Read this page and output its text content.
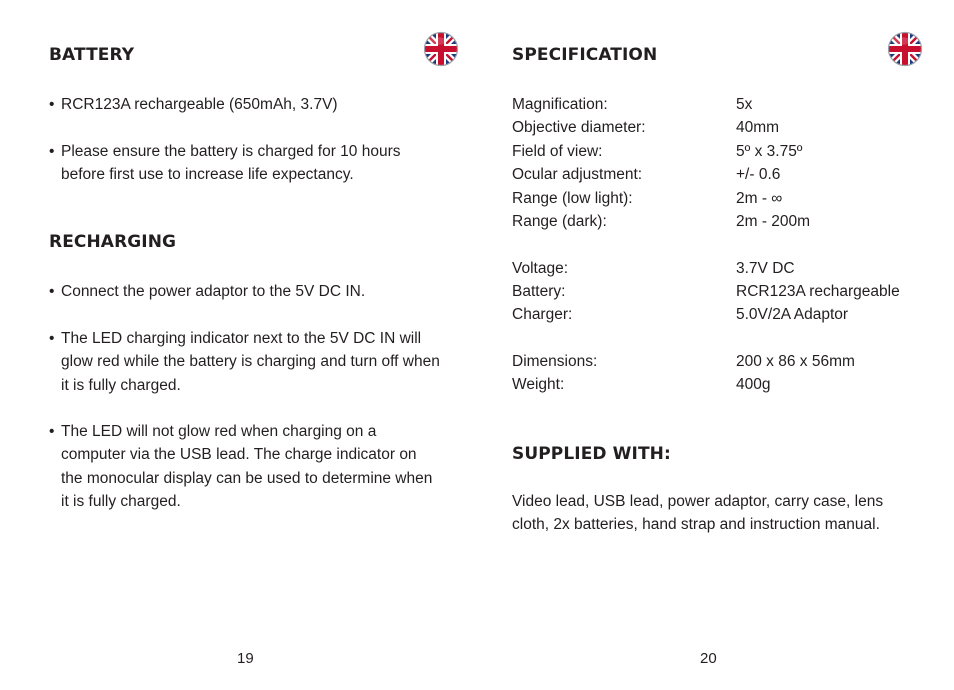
BATTERY
• RCR123A rechargeable (650mAh, 3.7V)
• Please ensure the battery is charged for 10 hours before first use to increase life expectancy.
RECHARGING
• Connect the power adaptor to the 5V DC IN.
• The LED charging indicator next to the 5V DC IN will glow red while the battery is charging and turn off when it is fully charged.
• The LED will not glow red when charging on a computer via the USB lead. The charge indicator on the monocular display can be used to determine when it is fully charged.
19
SPECIFICATION
Magnification:	5x
Objective diameter:	40mm
Field of view:	5º x 3.75º
Ocular adjustment:	+/- 0.6
Range (low light):	2m - ∞
Range (dark):	2m - 200m
Voltage:	3.7V DC
Battery:	RCR123A rechargeable
Charger:	5.0V/2A Adaptor
Dimensions:	200 x 86 x 56mm
Weight:	400g
SUPPLIED WITH:
Video lead, USB lead, power adaptor, carry case, lens cloth, 2x batteries, hand strap and instruction manual.
20
